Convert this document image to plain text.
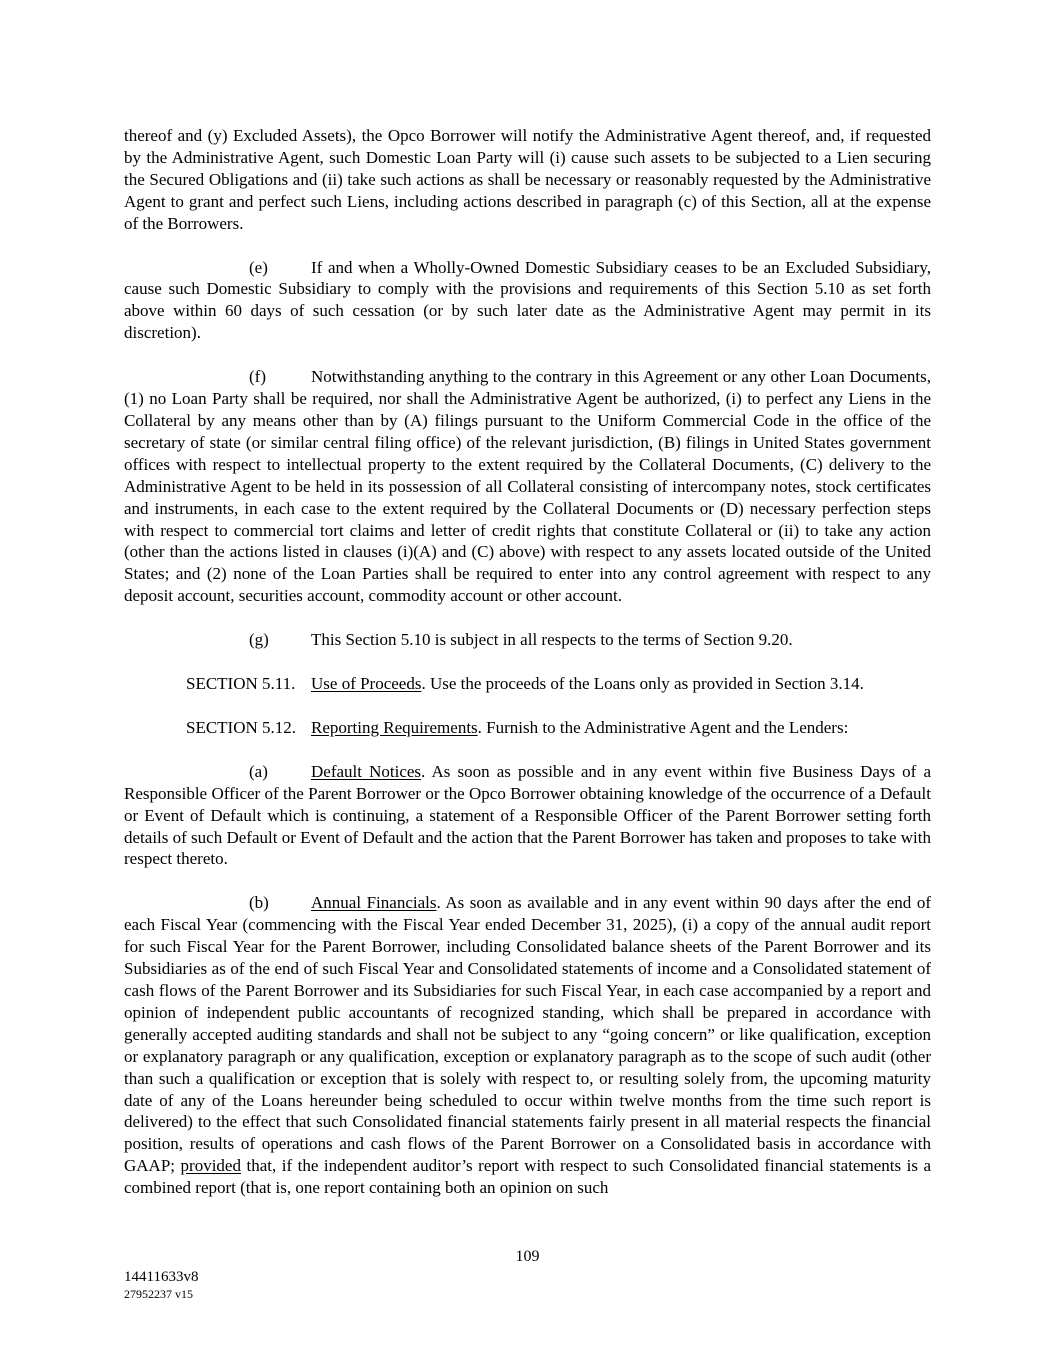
thereof and (y) Excluded Assets), the Opco Borrower will notify the Administrative Agent thereof, and, if requested by the Administrative Agent, such Domestic Loan Party will (i) cause such assets to be subjected to a Lien securing the Secured Obligations and (ii) take such actions as shall be necessary or reasonably requested by the Administrative Agent to grant and perfect such Liens, including actions described in paragraph (c) of this Section, all at the expense of the Borrowers.

(e)	If and when a Wholly-Owned Domestic Subsidiary ceases to be an Excluded Subsidiary, cause such Domestic Subsidiary to comply with the provisions and requirements of this Section 5.10 as set forth above within 60 days of such cessation (or by such later date as the Administrative Agent may permit in its discretion).

(f)	Notwithstanding anything to the contrary in this Agreement or any other Loan Documents, (1) no Loan Party shall be required, nor shall the Administrative Agent be authorized, (i) to perfect any Liens in the Collateral by any means other than by (A) filings pursuant to the Uniform Commercial Code in the office of the secretary of state (or similar central filing office) of the relevant jurisdiction, (B) filings in United States government offices with respect to intellectual property to the extent required by the Collateral Documents, (C) delivery to the Administrative Agent to be held in its possession of all Collateral consisting of intercompany notes, stock certificates and instruments, in each case to the extent required by the Collateral Documents or (D) necessary perfection steps with respect to commercial tort claims and letter of credit rights that constitute Collateral or (ii) to take any action (other than the actions listed in clauses (i)(A) and (C) above) with respect to any assets located outside of the United States; and (2) none of the Loan Parties shall be required to enter into any control agreement with respect to any deposit account, securities account, commodity account or other account.

(g) This Section 5.10 is subject in all respects to the terms of Section 9.20.

SECTION 5.11. Use of Proceeds. Use the proceeds of the Loans only as provided in Section 3.14.

SECTION 5.12. Reporting Requirements. Furnish to the Administrative Agent and the Lenders:

(a)	Default Notices. As soon as possible and in any event within five Business Days of a Responsible Officer of the Parent Borrower or the Opco Borrower obtaining knowledge of the occurrence of a Default or Event of Default which is continuing, a statement of a Responsible Officer of the Parent Borrower setting forth details of such Default or Event of Default and the action that the Parent Borrower has taken and proposes to take with respect thereto.

(b) Annual Financials. As soon as available and in any event within 90 days after the end of each Fiscal Year (commencing with the Fiscal Year ended December 31, 2025), (i) a copy of the annual audit report for such Fiscal Year for the Parent Borrower, including Consolidated balance sheets of the Parent Borrower and its Subsidiaries as of the end of such Fiscal Year and Consolidated statements of income and a Consolidated statement of cash flows of the Parent Borrower and its Subsidiaries for such Fiscal Year, in each case accompanied by a report and opinion of independent public accountants of recognized standing, which shall be prepared in accordance with generally accepted auditing standards and shall not be subject to any “going concern” or like qualification, exception or explanatory paragraph or any qualification, exception or explanatory paragraph as to the scope of such audit (other than such a qualification or exception that is solely with respect to, or resulting solely from, the upcoming maturity date of any of the Loans hereunder being scheduled to occur within twelve months from the time such report is delivered) to the effect that such Consolidated financial statements fairly present in all material respects the financial position, results of operations and cash flows of the Parent Borrower on a Consolidated basis in accordance with GAAP; provided that, if the independent auditor’s report with respect to such Consolidated financial statements is a combined report (that is, one report containing both an opinion on such

109
14411633v8
27952237 v15
